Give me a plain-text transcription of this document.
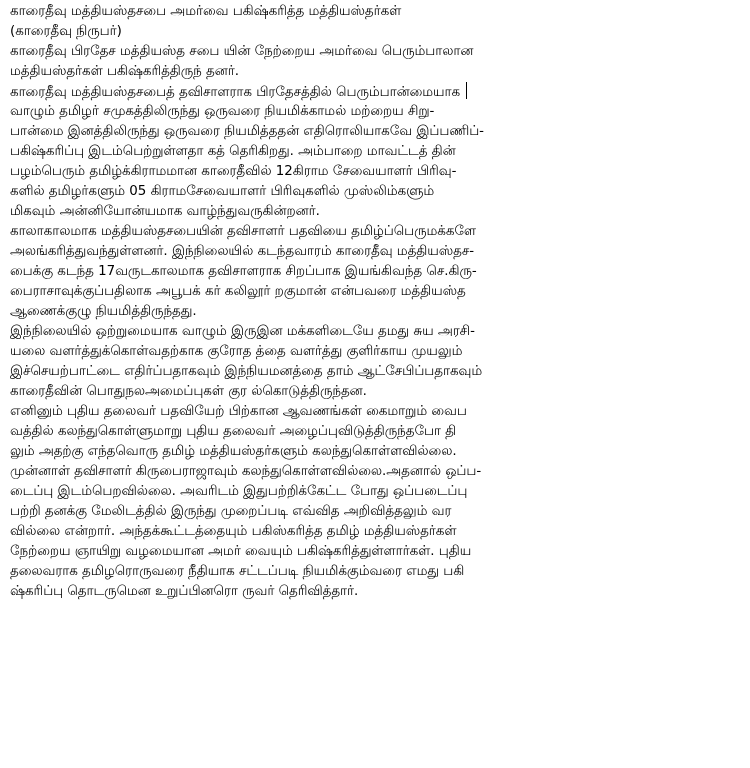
காரைதீவு மத்தியஸ்தசபை அமர்வை பகிஷ்கரித்த மத்தியஸ்தர்கள்
(காரைதீவு நிருபர்)
காரைதீவு பிரதேச மத்தியஸ்த சபை யின் நேற்றைய அமர்வை பெரும்பாலான
மத்தியஸ்தர்கள் பகிஷ்கரித்திருந் தனர்.
காரைதீவு மத்தியஸ்தசபைத் தவிசாளராக பிரதேசத்தில் பெரும்பான்மையாக
வாழும் தமிழர் சமுகத்திலிருந்து ஒருவரை நியமிக்காமல் மற்றைய சிறு-
பான்மை இனத்திலிருந்து ஒருவரை நியமித்ததன் எதிரொலியாகவே இப்பணிப்-
பகிஷ்கரிப்பு இடம்பெற்றுள்ளதா கத் தெரிகிறது. அம்பாறை மாவட்டத் தின்
பழம்பெரும் தமிழ்க்கிராமமான காரைதீவில் 12கிராம சேவையாளர் பிரிவு-
களில் தமிழர்களும் 05 கிராமசேவையாளர் பிரிவுகளில் முஸ்லிம்களும்
மிகவும் அன்னியோன்யமாக வாழ்ந்துவருகின்றனர்.
காலாகாலமாக மத்தியஸ்தசபையின் தவிசாளர் பதவியை தமிழ்ப்பெருமக்களே
அலங்கரித்துவந்துள்ளனர். இந்நிலையில் கடந்தவாரம் காரைதீவு மத்தியஸ்தச-
பைக்கு கடந்த 17வருடகாலமாக தவிசாளராக சிறப்பாக இயங்கிவந்த செ.கிரு-
பைராசாவுக்குப்பதிலாக அபூபக் கர் கலிலூர் றகுமான் என்பவரை மத்தியஸ்த
ஆணைக்குழு நியமித்திருந்தது.
இந்நிலையில் ஒற்றுமையாக வாழும் இருஇன மக்களிடையே தமது சுய அரசி-
யலை வளர்த்துக்கொள்வதற்காக குரோத த்தை வளர்த்து குளிர்காய முயலும்
இச்செயற்பாட்டை எதிர்ப்பதாகவும் இந்நியமனத்தை தாம் ஆட்சேபிப்பதாகவும்
காரைதீவின் பொதுநலஅமைப்புகள் குர ல்கொடுத்திருந்தன.
எனினும் புதிய தலைவர் பதவியேற் பிற்கான ஆவணங்கள் கைமாறும் வைப
வத்தில் கலந்துகொள்ளுமாறு புதிய தலைவர் அழைப்புவிடுத்திருந்தபோ தி
லும் அதற்கு எந்தவொரு தமிழ் மத்தியஸ்தர்களும் கலந்துகொள்ளவில்லை.
முன்னாள் தவிசாளர் கிருபைராஜாவும் கலந்துகொள்ளவில்லை.அதனால் ஒப்ப-
டைப்பு இடம்பெறவில்லை. அவரிடம் இதுபற்றிக்கேட்ட போது ஒப்படைப்பு
பற்றி தனக்கு மேலிடத்தில் இருந்து முறைப்படி எவ்வித அறிவித்தலும் வர
வில்லை என்றார். அந்தக்கூட்டத்தையும் பகிஸ்கரித்த தமிழ் மத்தியஸ்தர்கள்
நேற்றைய ஞாயிறு வழமையான அமர் வையும் பகிஷ்கரித்துள்ளார்கள். புதிய
தலைவராக தமிழரொருவரை நீதியாக சட்டப்படி நியமிக்கும்வரை எமது பகி
ஷ்கரிப்பு தொடருமென உறுப்பினரொ ருவர் தெரிவித்தார்.
